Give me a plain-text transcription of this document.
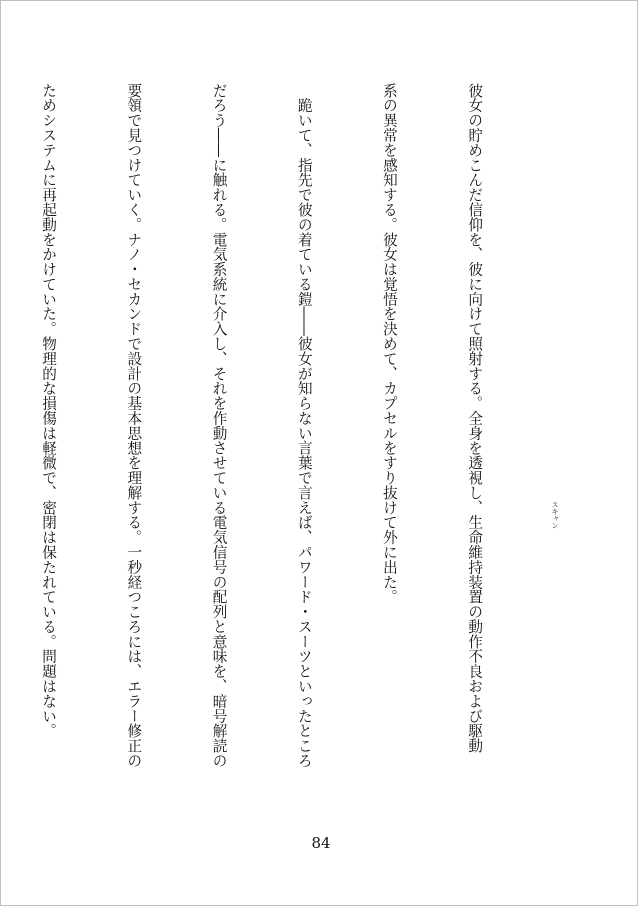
彼女の貯めこんだ信仰を、彼に向けて照射する。全身を透視し、生命維持装置の動作不良および駆動

系の異常を感知する。彼女は覚悟を決めて、カプセルをすり抜けて外に出た。

　跪いて、指先で彼の着ている鎧――彼女が知らない言葉で言えば、パワード・スーツといったところ

だろう――に触れる。電気系統に介入し、それを作動させている電気信号の配列と意味を、暗号解読の

要領で見つけていく。ナノ・セカンドで設計の基本思想を理解する。一秒経つころには、エラー修正の

ためシステムに再起動をかけていた。物理的な損傷は軽微で、密閉は保たれている。問題はない。

	スキャン
84
